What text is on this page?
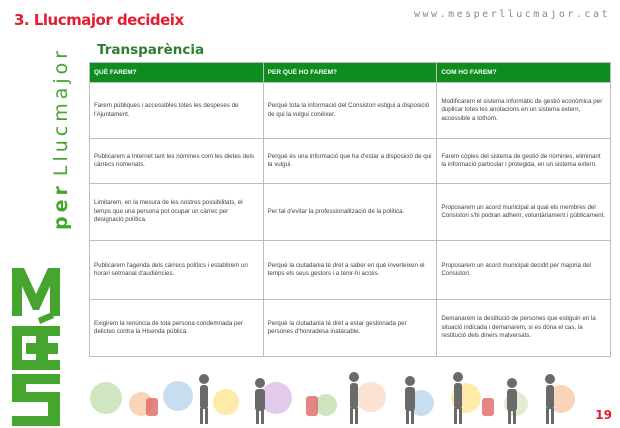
perLlucmajor
3. Llucmajor decideix	www.mesperllucmajor.cat

Transparència
QUÈ FAREM?	PER QUÈ HO FAREM?	COM HO FAREM?
Farem públiques i accessibles totes les despeses de l'Ajuntament.	Perquè tota la informació del Consistori estigui a disposició de qui la vulgui conèixer.	Modificarem el sistema informàtic de gestió econòmica per duplicar totes les anotacions en un sistema extern, accessible a tothom.
Publicarem a Internet tant les nòmines com les dietes dels càrrecs nomenats.	Perquè és una informació que ha d'estar a disposició de qui la vulgui.	Farem còpies del sistema de gestió de nòmines, eliminant la informació particular i protegida, en un sistema extern.
Limitarem, en la mesura de les nostres possibilitats, el temps que una persona pot ocupar un càrrec per designació política.	Per tal d'evitar la professionalització de la política.	Proposarem un acord municipal al qual els membres del Consistori s'hi podran adherir, voluntàriament i públicament.
Publicarem l'agenda dels càrrecs polítics i establirem un horari setmanal d'audiències.	Perquè la ciutadania té dret a saber en què inverteixen el temps els seus gestors i a tenir-hi accés.	Proposarem un acord municipal decidit per majoria del Consistori.
Exigirem la renúncia de tota persona condemnada per delictes contra la Hisenda pública.	Perquè la ciutadania té dret a estar gestionada per persones d'honradesa inatacable.	Demanarem la destitució de persones que estiguin en la situació indicada i demanarem, si es dóna el cas, la restitució dels diners malversats.

19
